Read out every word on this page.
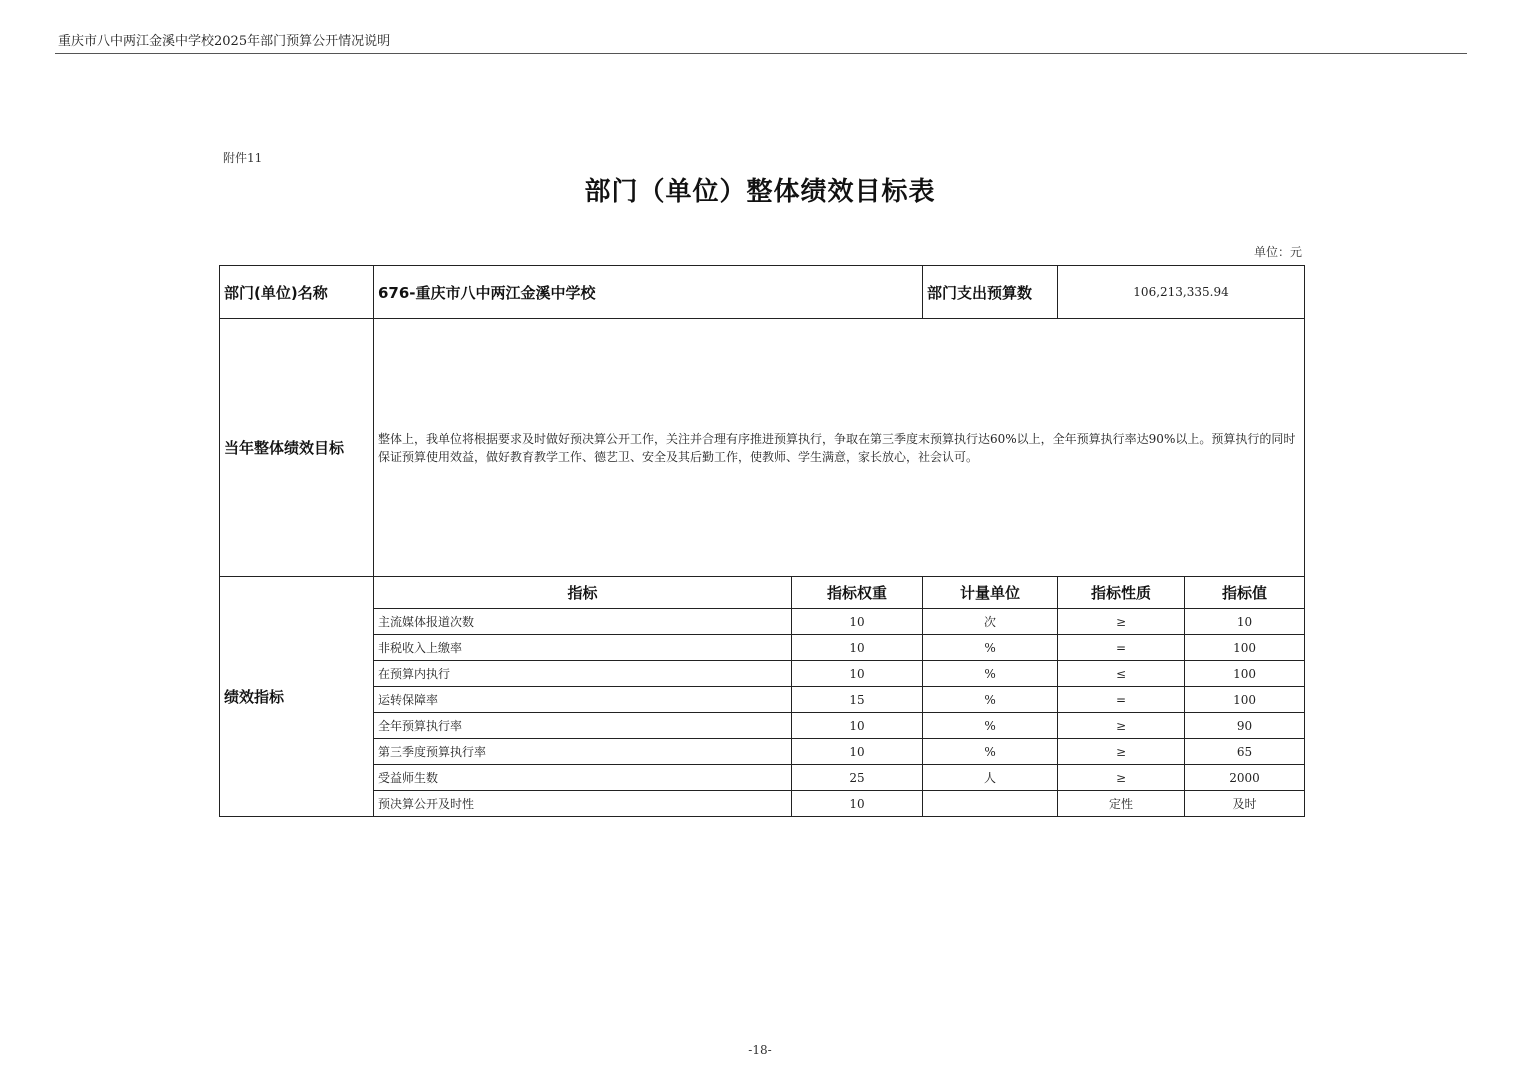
重庆市八中两江金溪中学校2025年部门预算公开情况说明
附件11
部门（单位）整体绩效目标表
单位：元
部门(单位)名称	676-重庆市八中两江金溪中学校		部门支出预算数	106,213,335.94	
当年整体绩效目标	整体上，我单位将根据要求及时做好预决算公开工作，关注并合理有序推进预算执行，争取在第三季度末预算执行达60%以上，全年预算执行率达90%以上。预算执行的同时保证预算使用效益，做好教育教学工作、德艺卫、安全及其后勤工作，使教师、学生满意，家长放心，社会认可。				
绩效指标	指标	指标权重	计量单位	指标性质	指标值
	主流媒体报道次数	10	次	≥	10
	非税收入上缴率	10	%	=	100
	在预算内执行	10	%	≤	100
	运转保障率	15	%	=	100
	全年预算执行率	10	%	≥	90
	第三季度预算执行率	10	%	≥	65
	受益师生数	25	人	≥	2000
	预决算公开及时性	10		定性	及时
-18-
